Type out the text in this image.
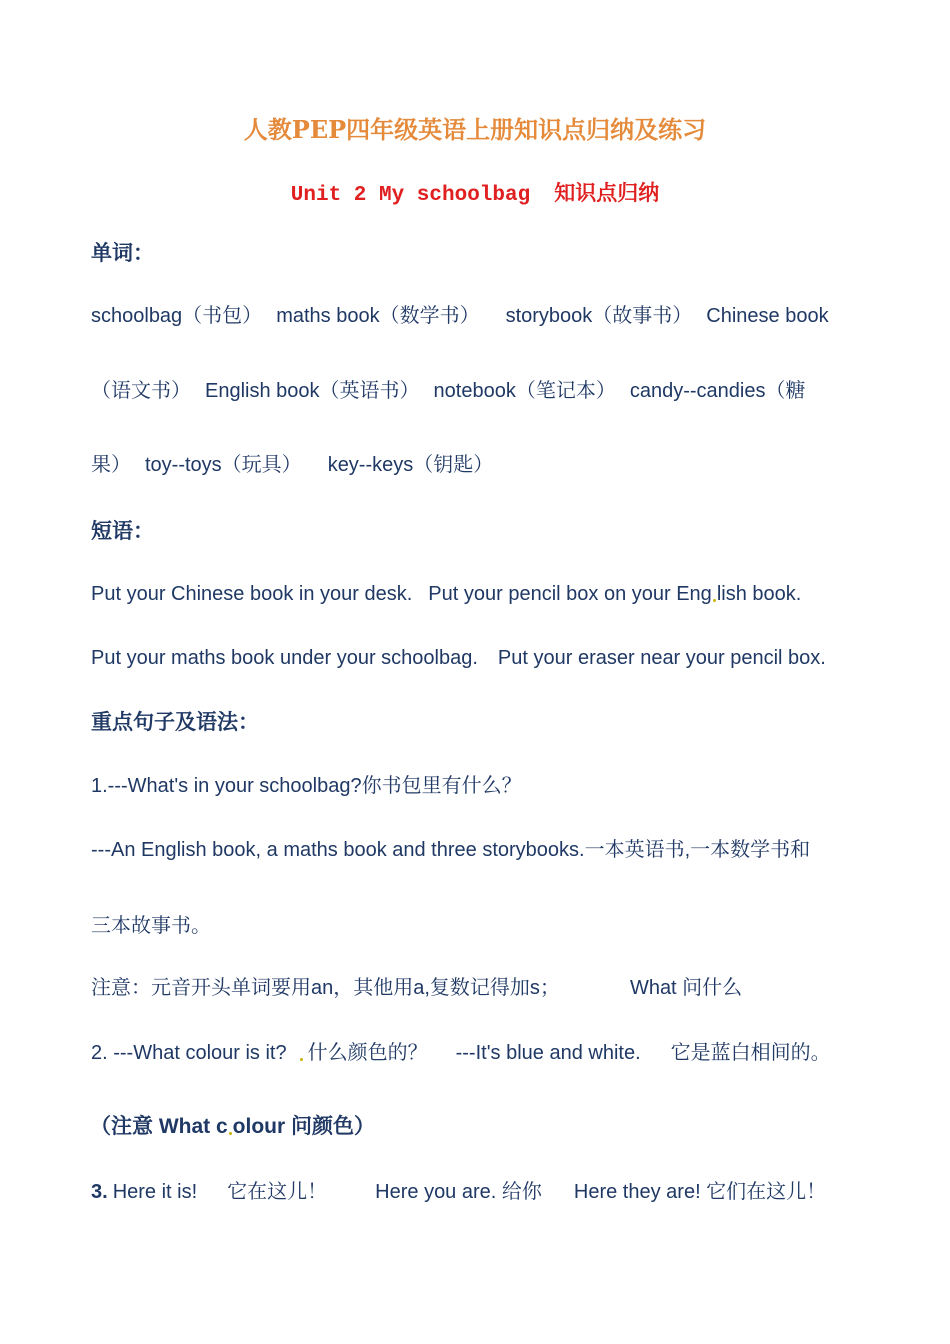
人教PEP四年级英语上册知识点归纳及练习
Unit 2 My schoolbag 知识点归纳
单词：
schoolbag（书包） maths book（数学书） storybook（故事书） Chinese book
（语文书） English book（英语书） notebook（笔记本） candy--candies（糖
果） toy--toys（玩具） key--keys（钥匙）
短语：
Put your Chinese book in your desk. Put your pencil box on your Eng lish book.
Put your maths book under your schoolbag. Put your eraser near your pencil box.
重点句子及语法：
1.---What's in your schoolbag?你书包里有什么？
---An English book, a maths book and three storybooks.一本英语书,一本数学书和
三本故事书。
注意：元音开头单词要用an，其他用a,复数记得加s；	What 问什么
2. ---What colour is it? 什么颜色的？ ---It's blue and white. 它是蓝白相间的。
（注意 What c olour 问颜色）
3. Here it is! 它在这儿！ Here you are. 给你 Here they are! 它们在这儿！
